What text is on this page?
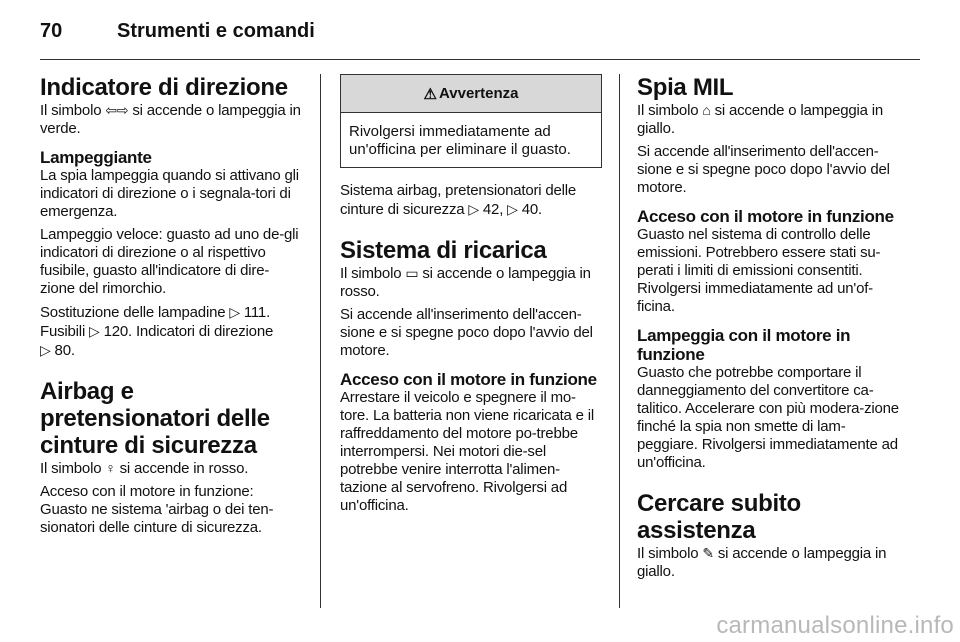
70	Strumenti e comandi
Indicatore di direzione

Il simbolo ⇦⇨ si accende o lampeggia in verde.

Lampeggiante

La spia lampeggia quando si attivano gli indicatori di direzione o i segnala-tori di emergenza.

Lampeggio veloce: guasto ad uno de-gli indicatori di direzione o al rispettivo fusibile, guasto all'indicatore di dire-zione del rimorchio.

Sostituzione delle lampadine ▷ 111.
Fusibili ▷ 120. Indicatori di direzione
▷ 80.

Airbag e pretensionatori delle cinture di sicurezza

Il simbolo ♀ si accende in rosso.

Acceso con il motore in funzione: Guasto ne sistema 'airbag o dei ten-sionatori delle cinture di sicurezza.

⚠ Avvertenza
Rivolgersi immediatamente ad un'officina per eliminare il guasto.

Sistema airbag, pretensionatori delle cinture di sicurezza ▷ 42, ▷ 40.

Sistema di ricarica

Il simbolo ▭ si accende o lampeggia in rosso.

Si accende all'inserimento dell'accen-sione e si spegne poco dopo l'avvio del motore.

Acceso con il motore in funzione

Arrestare il veicolo e spegnere il mo-tore. La batteria non viene ricaricata e il raffreddamento del motore po-trebbe interrompersi. Nei motori die-sel potrebbe venire interrotta l'alimen-tazione al servofreno. Rivolgersi ad un'officina.

Spia MIL

Il simbolo ⌂ si accende o lampeggia in giallo.

Si accende all'inserimento dell'accen-sione e si spegne poco dopo l'avvio del motore.

Acceso con il motore in funzione

Guasto nel sistema di controllo delle emissioni. Potrebbero essere stati su-perati i limiti di emissioni consentiti. Rivolgersi immediatamente ad un'of-ficina.

Lampeggia con il motore in funzione

Guasto che potrebbe comportare il danneggiamento del convertitore ca-talitico. Accelerare con più modera-zione finché la spia non smette di lam-peggiare. Rivolgersi immediatamente ad un'officina.

Cercare subito assistenza

Il simbolo ✎ si accende o lampeggia in giallo.

carmanualsonline.info
